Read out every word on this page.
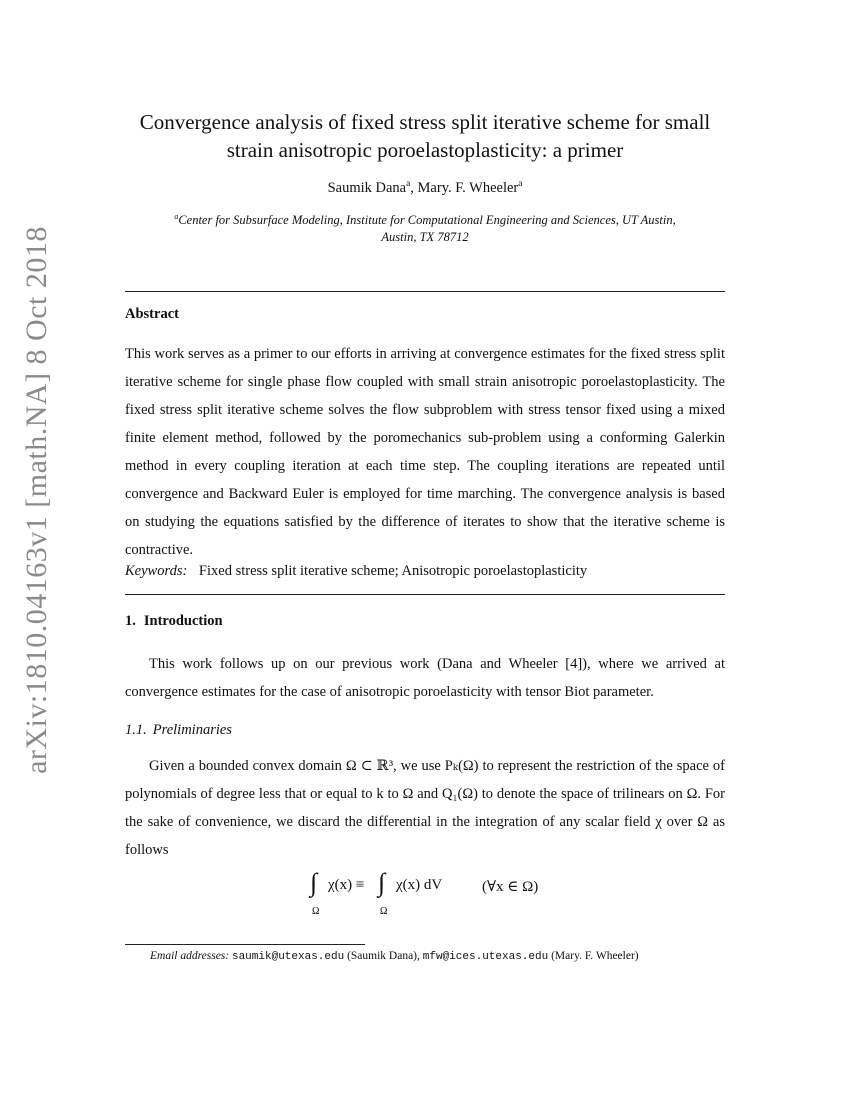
arXiv:1810.04163v1 [math.NA] 8 Oct 2018
Convergence analysis of fixed stress split iterative scheme for small
strain anisotropic poroelastoplasticity: a primer
Saumik Dana$^a$, Mary. F. Wheeler$^a$
$^a$Center for Subsurface Modeling, Institute for Computational Engineering and Sciences, UT Austin,
Austin, TX 78712
Abstract
This work serves as a primer to our efforts in arriving at convergence estimates for the fixed stress split iterative scheme for single phase flow coupled with small strain anisotropic poroelastoplasticity. The fixed stress split iterative scheme solves the flow subproblem with stress tensor fixed using a mixed finite element method, followed by the poromechanics sub-problem using a conforming Galerkin method in every coupling iteration at each time step. The coupling iterations are repeated until convergence and Backward Euler is employed for time marching. The convergence analysis is based on studying the equations satisfied by the difference of iterates to show that the iterative scheme is contractive.
Keywords: Fixed stress split iterative scheme; Anisotropic poroelastoplasticity
1. Introduction
This work follows up on our previous work (Dana and Wheeler [4]), where we arrived at convergence estimates for the case of anisotropic poroelasticity with tensor Biot parameter.
1.1. Preliminaries
Given a bounded convex domain Ω ⊂ ℝ³, we use Pₖ(Ω) to represent the restriction of the space of polynomials of degree less that or equal to k to Ω and Q₁(Ω) to denote the space of trilinears on Ω. For the sake of convenience, we discard the differential in the integration of any scalar field χ over Ω as follows
∫
Ω
χ(x) ≡ ∫
Ω
χ(x) dV	(∀x ∈ Ω)
Email addresses: saumik@utexas.edu (Saumik Dana), mfw@ices.utexas.edu (Mary. F. Wheeler)
